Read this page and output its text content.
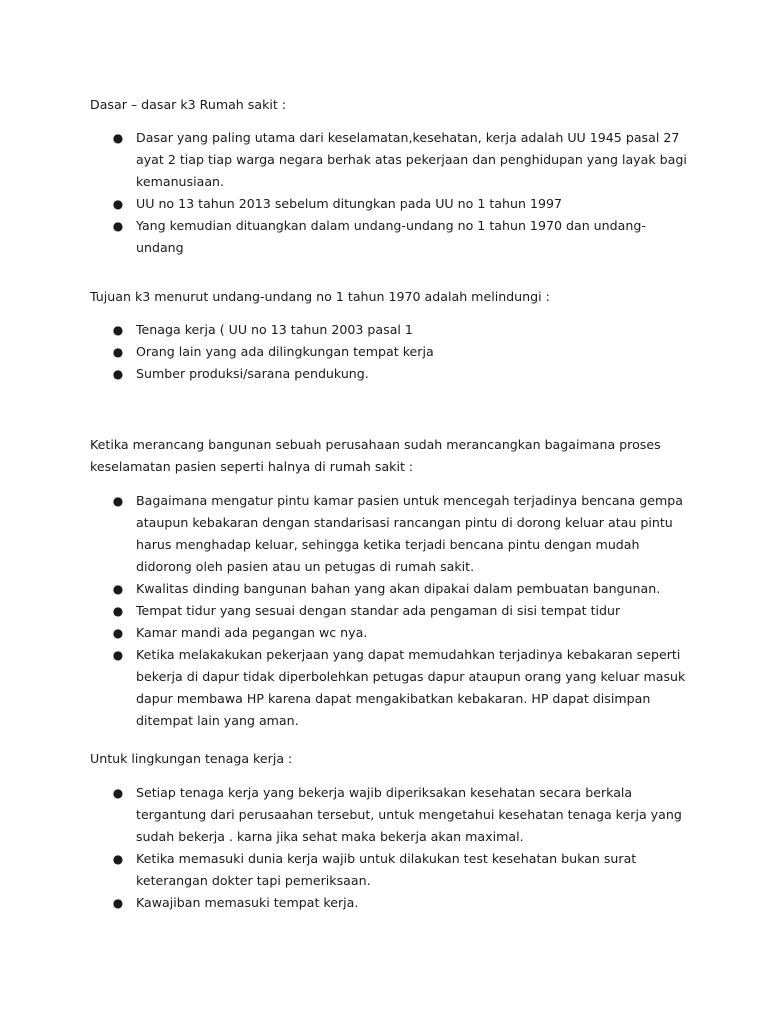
Dasar – dasar k3 Rumah sakit :

● Dasar yang paling utama dari keselamatan,kesehatan, kerja adalah UU 1945 pasal 27 ayat 2 tiap tiap warga negara berhak atas pekerjaan dan penghidupan yang layak bagi kemanusiaan.
● UU no 13 tahun 2013 sebelum ditungkan pada UU no 1 tahun 1997
● Yang kemudian dituangkan dalam undang-undang no 1 tahun 1970 dan undang-undang

Tujuan k3 menurut undang-undang no 1 tahun 1970 adalah melindungi :

● Tenaga kerja ( UU no 13 tahun 2003 pasal 1
● Orang lain yang ada dilingkungan tempat kerja
● Sumber produksi/sarana pendukung.

Ketika merancang bangunan sebuah perusahaan sudah merancangkan bagaimana proses keselamatan pasien seperti halnya di rumah sakit :

● Bagaimana mengatur pintu kamar pasien untuk mencegah terjadinya bencana gempa ataupun kebakaran dengan standarisasi rancangan pintu di dorong keluar atau pintu harus menghadap keluar, sehingga ketika terjadi bencana pintu dengan mudah didorong oleh pasien atau un petugas di rumah sakit.
● Kwalitas dinding bangunan bahan yang akan dipakai dalam pembuatan bangunan.
● Tempat tidur yang sesuai dengan standar ada pengaman di sisi tempat tidur
● Kamar mandi ada pegangan wc nya.
● Ketika melakakukan pekerjaan yang dapat memudahkan terjadinya kebakaran seperti bekerja di dapur tidak diperbolehkan petugas dapur ataupun orang yang keluar masuk dapur membawa HP karena dapat mengakibatkan kebakaran. HP dapat disimpan ditempat lain yang aman.

Untuk lingkungan tenaga kerja :

● Setiap tenaga kerja yang bekerja wajib diperiksakan kesehatan secara berkala tergantung dari perusaahan tersebut, untuk mengetahui kesehatan tenaga kerja yang sudah bekerja . karna jika sehat maka bekerja akan maximal.
● Ketika memasuki dunia kerja wajib untuk dilakukan test kesehatan bukan surat keterangan dokter tapi pemeriksaan.
● Kawajiban memasuki tempat kerja.
